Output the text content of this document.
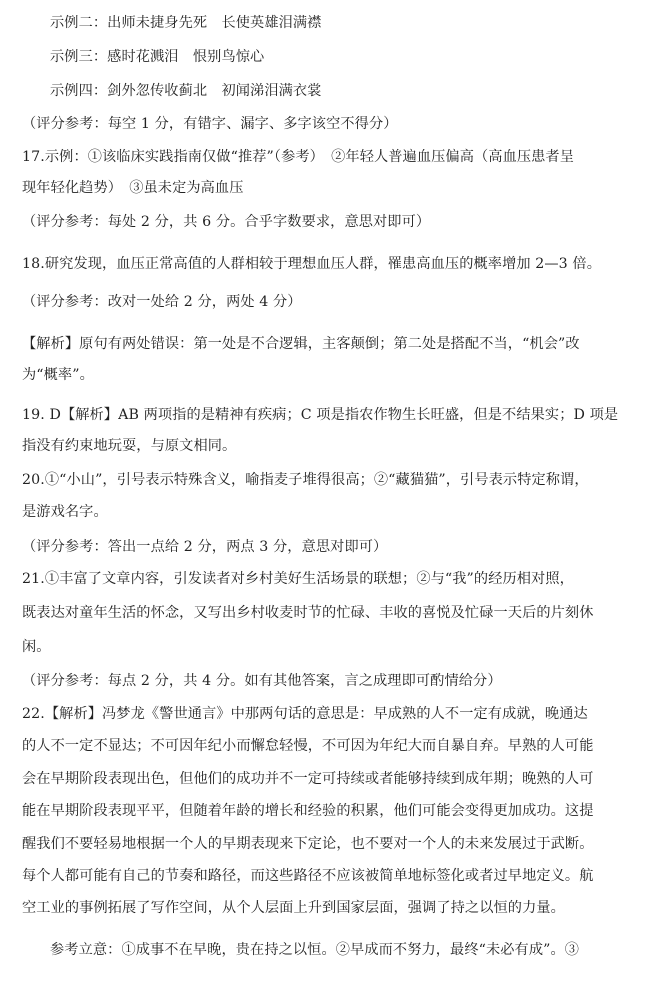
示例二：出师未捷身先死　长使英雄泪满襟
示例三：感时花溅泪　恨别鸟惊心
示例四：剑外忽传收蓟北　初闻涕泪满衣裳
（评分参考：每空 1 分，有错字、漏字、多字该空不得分）
17.示例：①该临床实践指南仅做“推荐”（参考）　②年轻人普遍血压偏高（高血压患者呈
现年轻化趋势）　③虽未定为高血压
（评分参考：每处 2 分，共 6 分。合乎字数要求，意思对即可）
18.研究发现，血压正常高值的人群相较于理想血压人群，罹患高血压的概率增加 2—3 倍。
（评分参考：改对一处给 2 分，两处 4 分）
【解析】原句有两处错误：第一处是不合逻辑，主客颠倒；第二处是搭配不当，“机会”改
为“概率”。
19. D【解析】AB 两项指的是精神有疾病；C 项是指农作物生长旺盛，但是不结果实；D 项是
指没有约束地玩耍，与原文相同。
20.①“小山”，引号表示特殊含义，喻指麦子堆得很高；②“藏猫猫”，引号表示特定称谓，
是游戏名字。
（评分参考：答出一点给 2 分，两点 3 分，意思对即可）
21.①丰富了文章内容，引发读者对乡村美好生活场景的联想；②与“我”的经历相对照，
既表达对童年生活的怀念，又写出乡村收麦时节的忙碌、丰收的喜悦及忙碌一天后的片刻休
闲。
（评分参考：每点 2 分，共 4 分。如有其他答案，言之成理即可酌情给分）
22.【解析】冯梦龙《警世通言》中那两句话的意思是：早成熟的人不一定有成就，晚通达
的人不一定不显达；不可因年纪小而懈怠轻慢，不可因为年纪大而自暴自弃。早熟的人可能
会在早期阶段表现出色，但他们的成功并不一定可持续或者能够持续到成年期；晚熟的人可
能在早期阶段表现平平，但随着年龄的增长和经验的积累，他们可能会变得更加成功。这提
醒我们不要轻易地根据一个人的早期表现来下定论，也不要对一个人的未来发展过于武断。
每个人都可能有自己的节奏和路径，而这些路径不应该被简单地标签化或者过早地定义。航
空工业的事例拓展了写作空间，从个人层面上升到国家层面，强调了持之以恒的力量。
参考立意：①成事不在早晚，贵在持之以恒。②早成而不努力，最终“未必有成”。③
